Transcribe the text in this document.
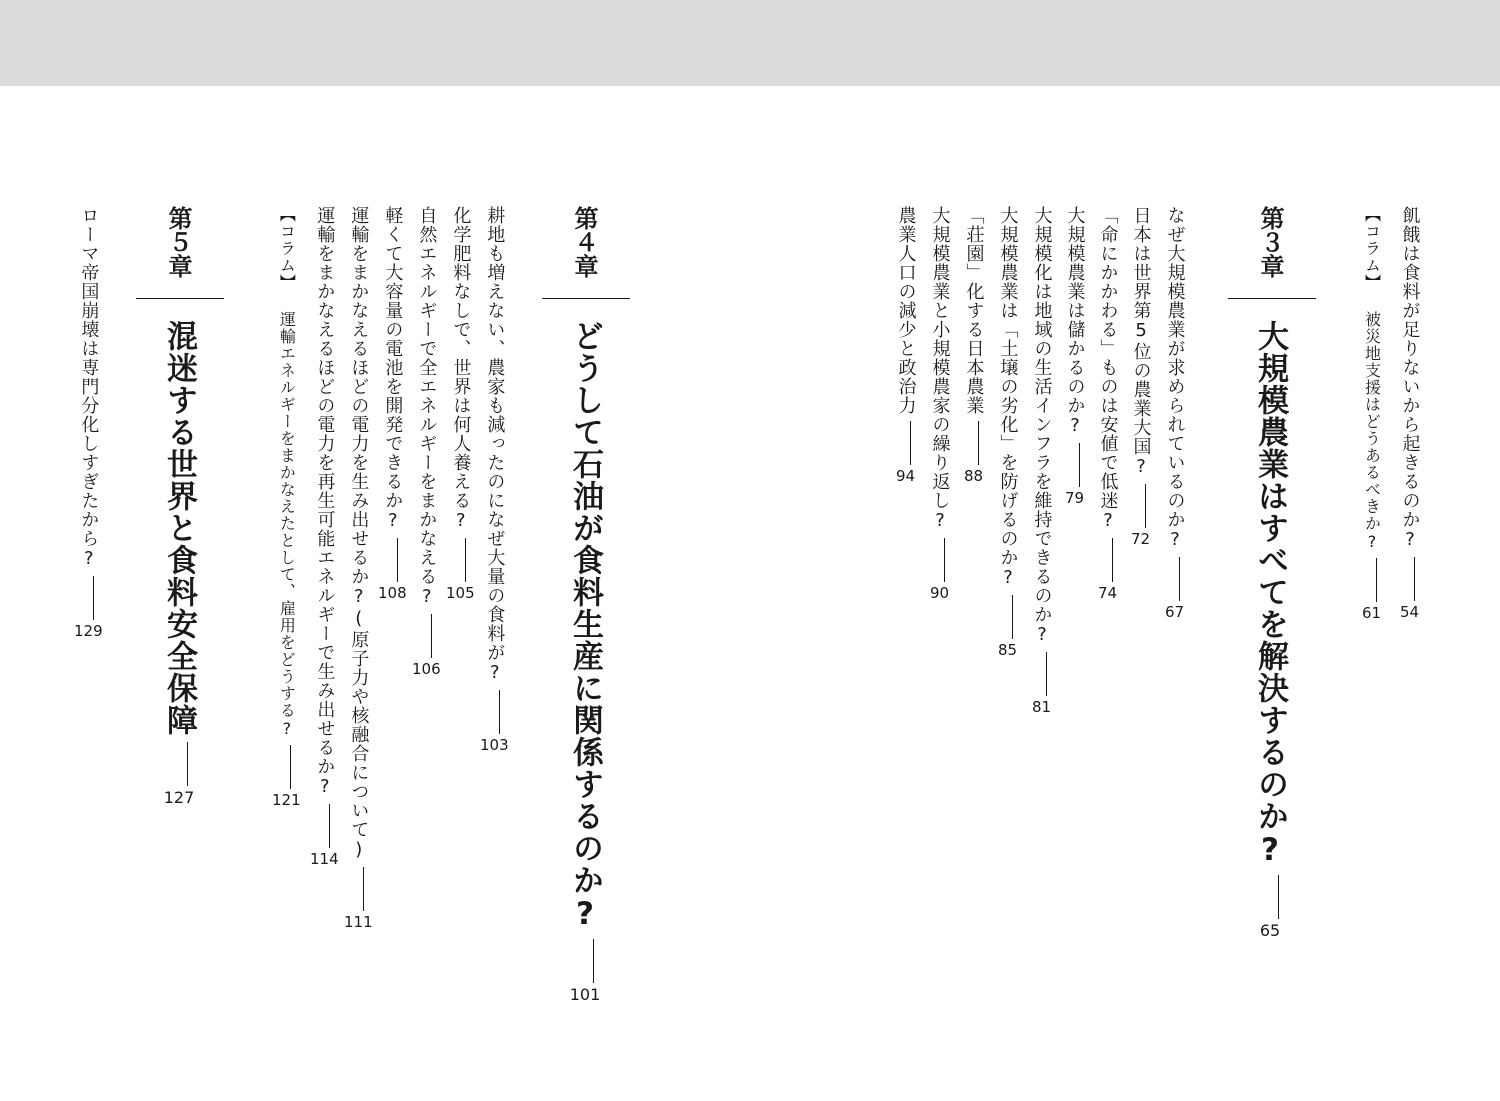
飢餓は食料が足りないから起きるのか?54
【コラム】 被災地支援はどうあるべきか?61
第３章
大規模農業はすべてを解決するのか?65
なぜ大規模農業が求められているのか?67
日本は世界第5位の農業大国?72
「命にかかわる」ものは安値で低迷?74
大規模農業は儲かるのか?79
大規模化は地域の生活インフラを維持できるのか?81
大規模農業は「土壌の劣化」を防げるのか?85
「荘園」化する日本農業88
大規模農業と小規模農家の繰り返し?90
農業人口の減少と政治力94
第４章
どうして石油が食料生産に関係するのか?101
耕地も増えない、農家も減ったのになぜ大量の食料が?103
化学肥料なしで、世界は何人養える?105
自然エネルギーで全エネルギーをまかなえる?106
軽くて大容量の電池を開発できるか?108
運輸をまかなえるほどの電力を生み出せるか?(原子力や核融合について)111
運輸をまかなえるほどの電力を再生可能エネルギーで生み出せるか?114
【コラム】 運輸エネルギーをまかなえたとして、雇用をどうする?121
第５章
混迷する世界と食料安全保障127
ローマ帝国崩壊は専門分化しすぎたから?129
